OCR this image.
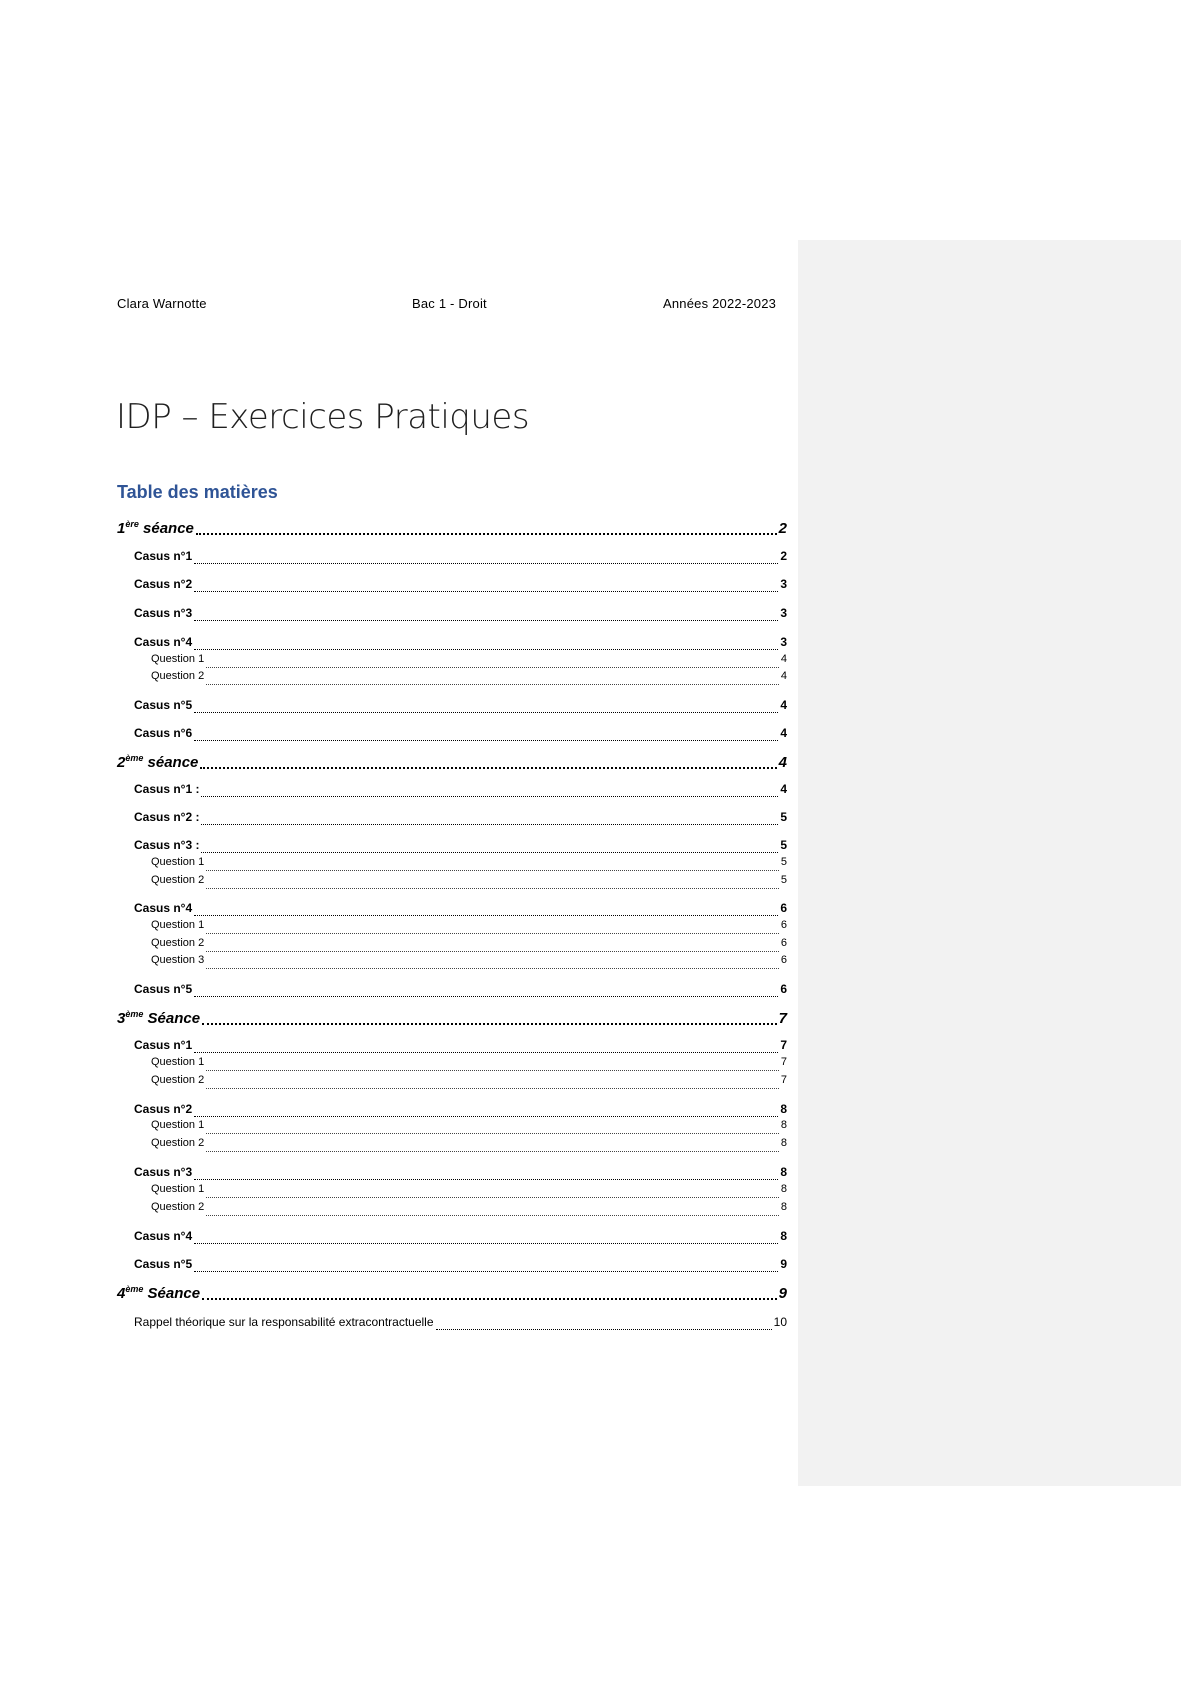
Clara Warnotte	Bac 1 - Droit	Années 2022-2023
IDP – Exercices Pratiques
Table des matières
1ère séance	2
Casus n°1	2
Casus n°2	3
Casus n°3	3
Casus n°4	3
Question 1	4
Question 2	4
Casus n°5	4
Casus n°6	4
2ème séance	4
Casus n°1 :	4
Casus n°2 :	5
Casus n°3 :	5
Question 1	5
Question 2	5
Casus n°4	6
Question 1	6
Question 2	6
Question 3	6
Casus n°5	6
3ème Séance	7
Casus n°1	7
Question 1	7
Question 2	7
Casus n°2	8
Question 1	8
Question 2	8
Casus n°3	8
Question 1	8
Question 2	8
Casus n°4	8
Casus n°5	9
4ème Séance	9
Rappel théorique sur la responsabilité extracontractuelle	10
